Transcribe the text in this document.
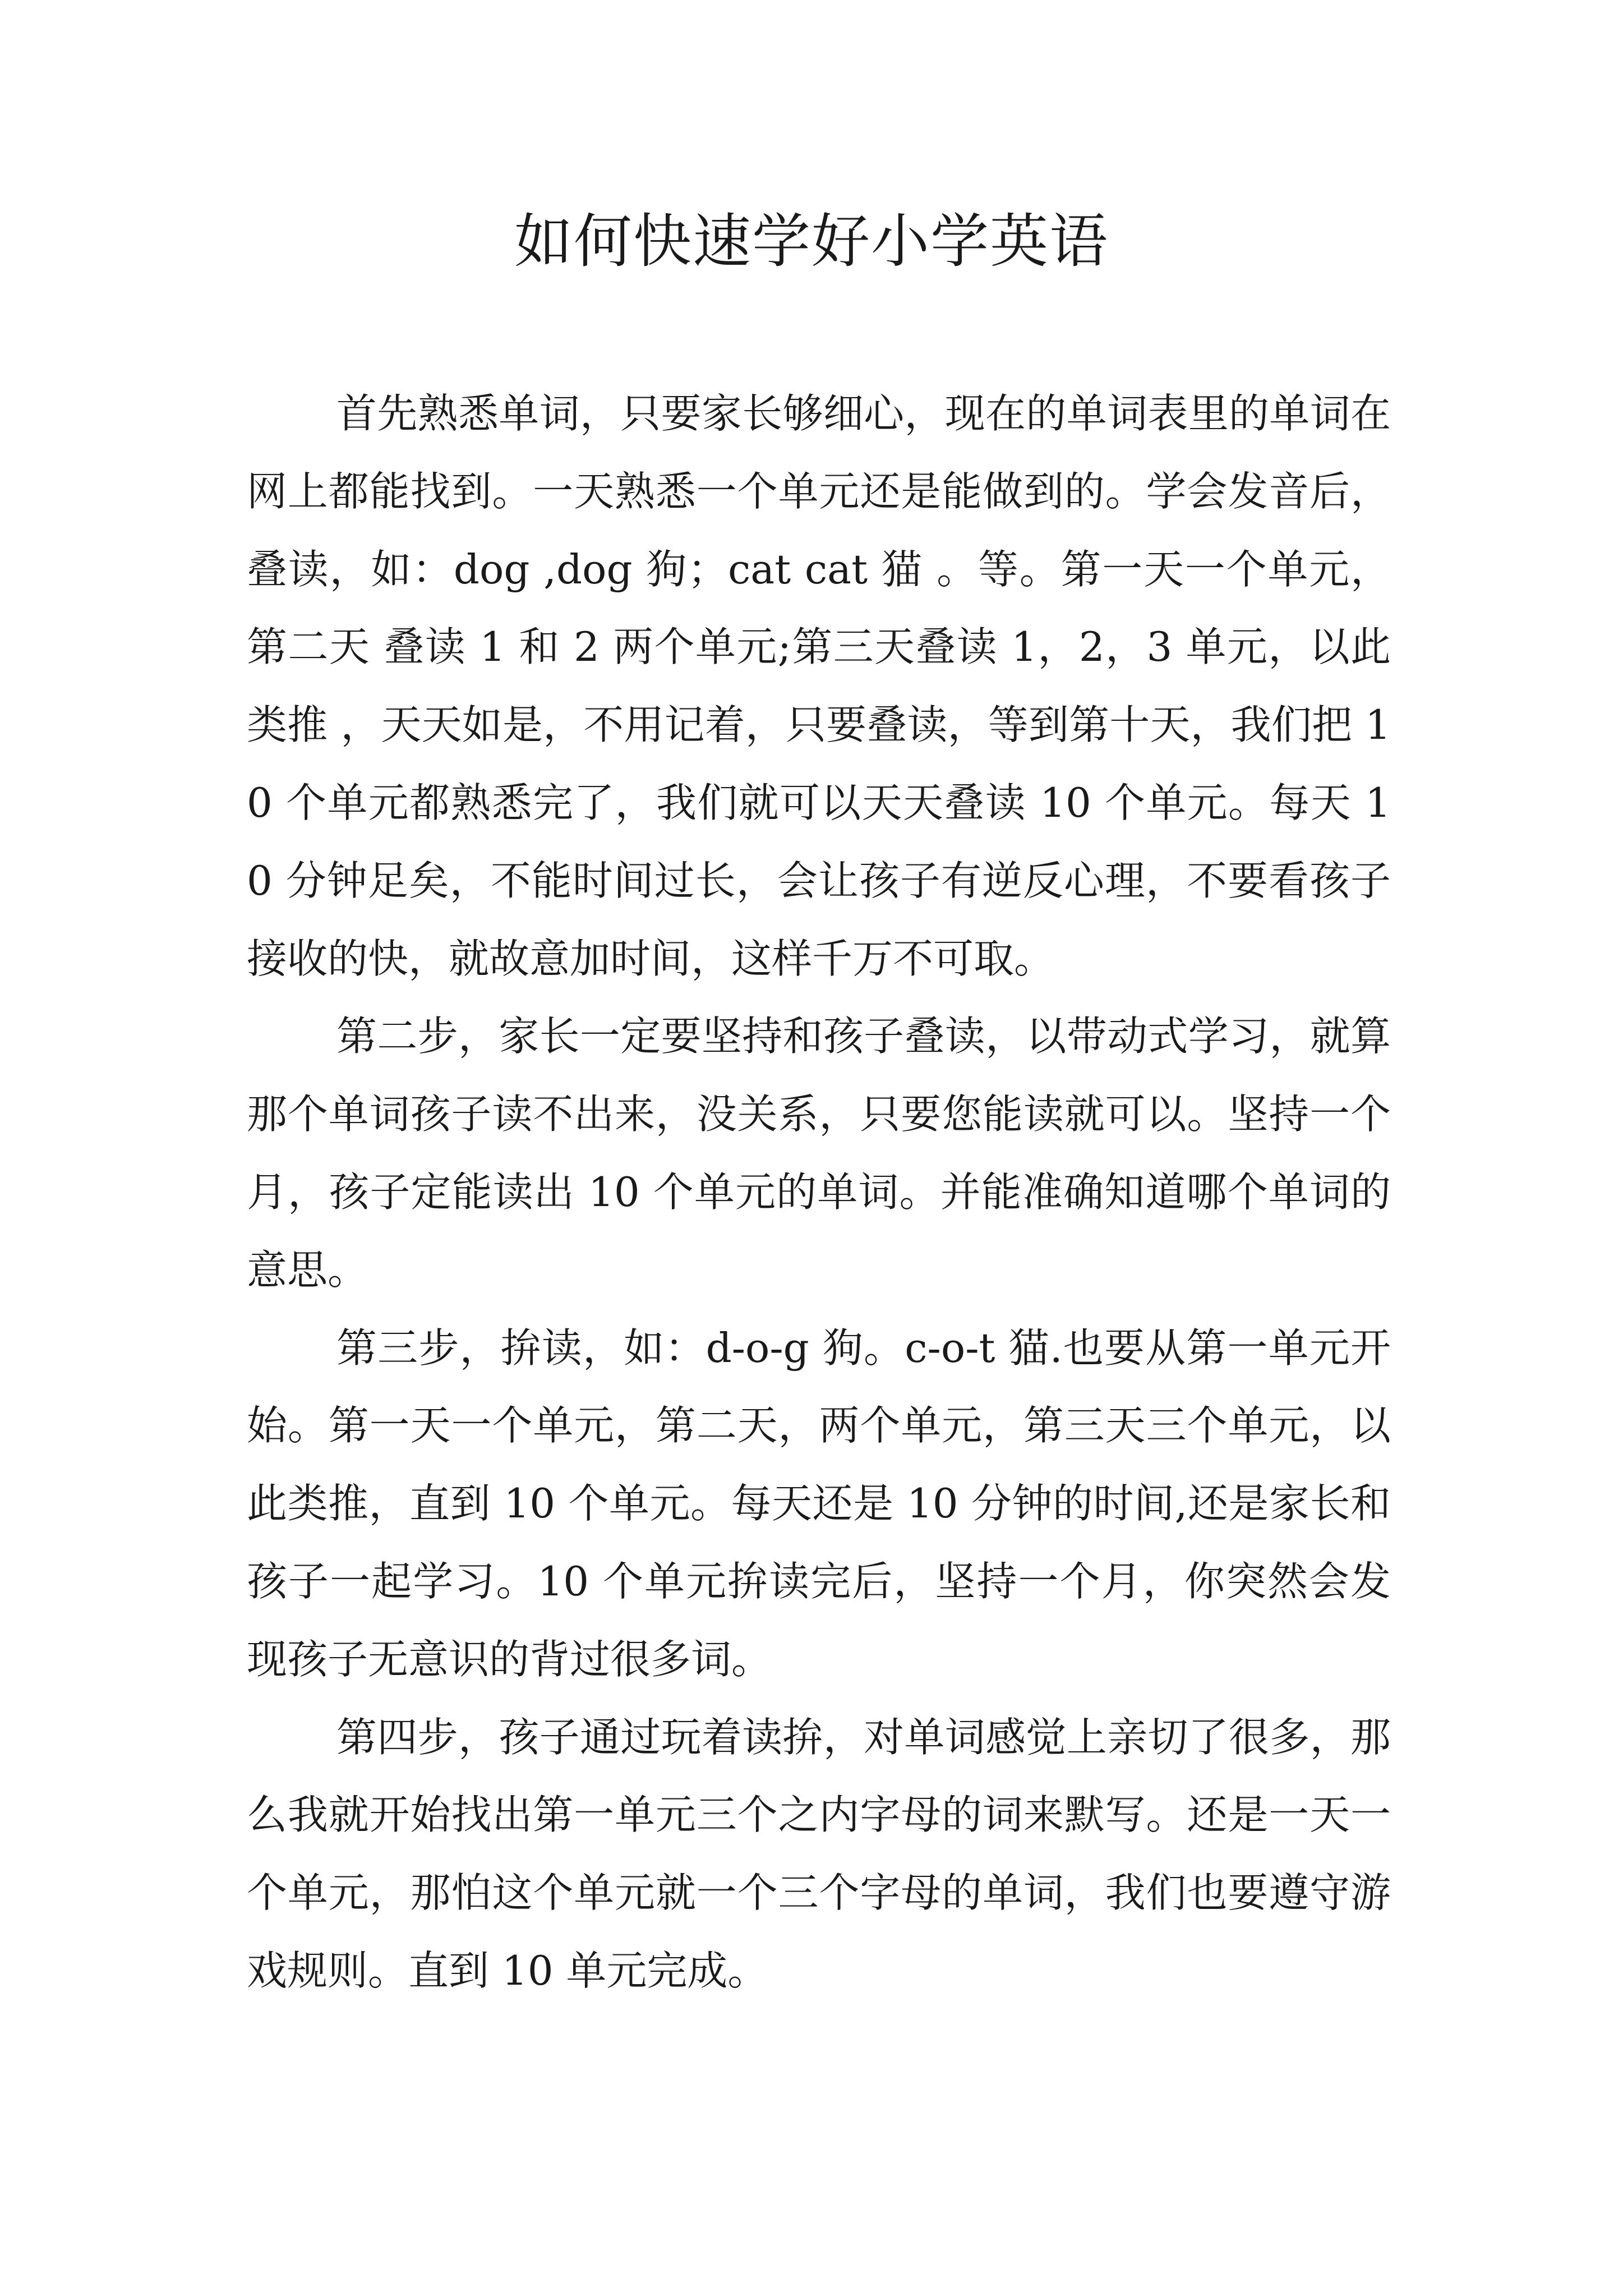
如何快速学好小学英语

首先熟悉单词，只要家长够细心，现在的单词表里的单词在网上都能找到。一天熟悉一个单元还是能做到的。学会发音后，叠读，如：dog ,dog 狗；cat cat 猫 。等。第一天一个单元，第二天 叠读 1 和 2 两个单元;第三天叠读 1，2，3 单元，以此类推 ，天天如是，不用记着，只要叠读，等到第十天，我们把 10 个单元都熟悉完了，我们就可以天天叠读 10 个单元。每天 10 分钟足矣，不能时间过长，会让孩子有逆反心理，不要看孩子接收的快，就故意加时间，这样千万不可取。

第二步，家长一定要坚持和孩子叠读，以带动式学习，就算那个单词孩子读不出来，没关系，只要您能读就可以。坚持一个月，孩子定能读出 10 个单元的单词。并能准确知道哪个单词的意思。

第三步，拚读，如：d-o-g 狗。c-o-t 猫.也要从第一单元开始。第一天一个单元，第二天，两个单元，第三天三个单元，以此类推，直到 10 个单元。每天还是 10 分钟的时间,还是家长和孩子一起学习。10 个单元拚读完后，坚持一个月，你突然会发现孩子无意识的背过很多词。

第四步，孩子通过玩着读拚，对单词感觉上亲切了很多，那么我就开始找出第一单元三个之内字母的词来默写。还是一天一个单元，那怕这个单元就一个三个字母的单词，我们也要遵守游戏规则。直到 10 单元完成。
